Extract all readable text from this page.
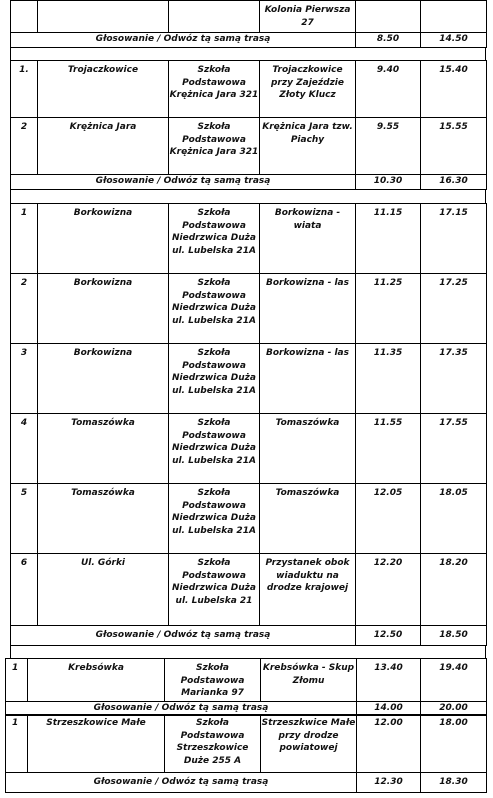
			Kolonia Pierwsza 27		
Głosowanie / Odwóz tą samą trasą				8.50	14.50
1.	Trojaczkowice	Szkoła Podstawowa Krężnica Jara 321	Trojaczkowice przy Zajeździe Złoty Klucz	9.40	15.40
2	Krężnica Jara	Szkoła Podstawowa Krężnica Jara 321	Krężnica Jara tzw. Piachy	9.55	15.55
Głosowanie / Odwóz tą samą trasą				10.30	16.30
1	Borkowizna	Szkoła Podstawowa Niedrzwica Duża ul. Lubelska 21A	Borkowizna - wiata	11.15	17.15
2	Borkowizna	Szkoła Podstawowa Niedrzwica Duża ul. Lubelska 21A	Borkowizna - las	11.25	17.25
3	Borkowizna	Szkoła Podstawowa Niedrzwica Duża ul. Lubelska 21A	Borkowizna - las	11.35	17.35
4	Tomaszówka	Szkoła Podstawowa Niedrzwica Duża ul. Lubelska 21A	Tomaszówka	11.55	17.55
5	Tomaszówka	Szkoła Podstawowa Niedrzwica Duża ul. Lubelska 21A	Tomaszówka	12.05	18.05
6	Ul. Górki	Szkoła Podstawowa Niedrzwica Duża ul. Lubelska 21	Przystanek obok wiaduktu na drodze krajowej	12.20	18.20
Głosowanie / Odwóz tą samą trasą				12.50	18.50
1	Krebsówka	Szkoła Podstawowa Marianka 97	Krebsówka - Skup Złomu	13.40	19.40
Głosowanie / Odwóz tą samą trasą				14.00	20.00
1	Strzeszkowice Małe	Szkoła Podstawowa Strzeszkowice Duże 255 A	Strzeszkwice Małe przy drodze powiatowej	12.00	18.00
Głosowanie / Odwóz tą samą trasą				12.30	18.30
